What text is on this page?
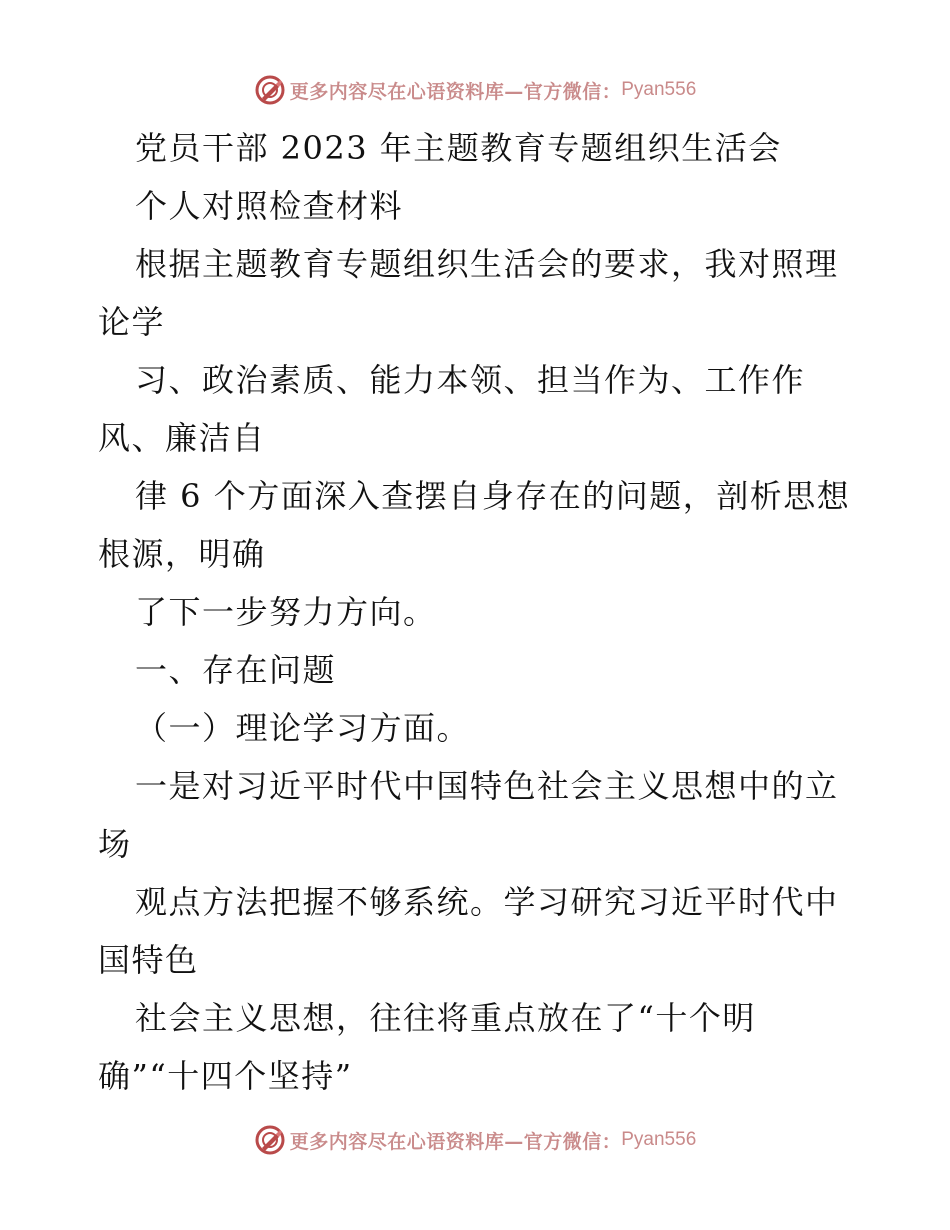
更多内容尽在心语资料库—官方微信： Pyan556
党员干部 2023 年主题教育专题组织生活会
个人对照检查材料
根据主题教育专题组织生活会的要求，我对照理
论学
习、政治素质、能力本领、担当作为、工作作
风、廉洁自
律 6 个方面深入查摆自身存在的问题，剖析思想
根源，明确
了下一步努力方向。
一、存在问题
（一）理论学习方面。
一是对习近平时代中国特色社会主义思想中的立
场
观点方法把握不够系统。学习研究习近平时代中
国特色
社会主义思想，往往将重点放在了“十个明
确”“十四个坚持”
更多内容尽在心语资料库—官方微信： Pyan556
